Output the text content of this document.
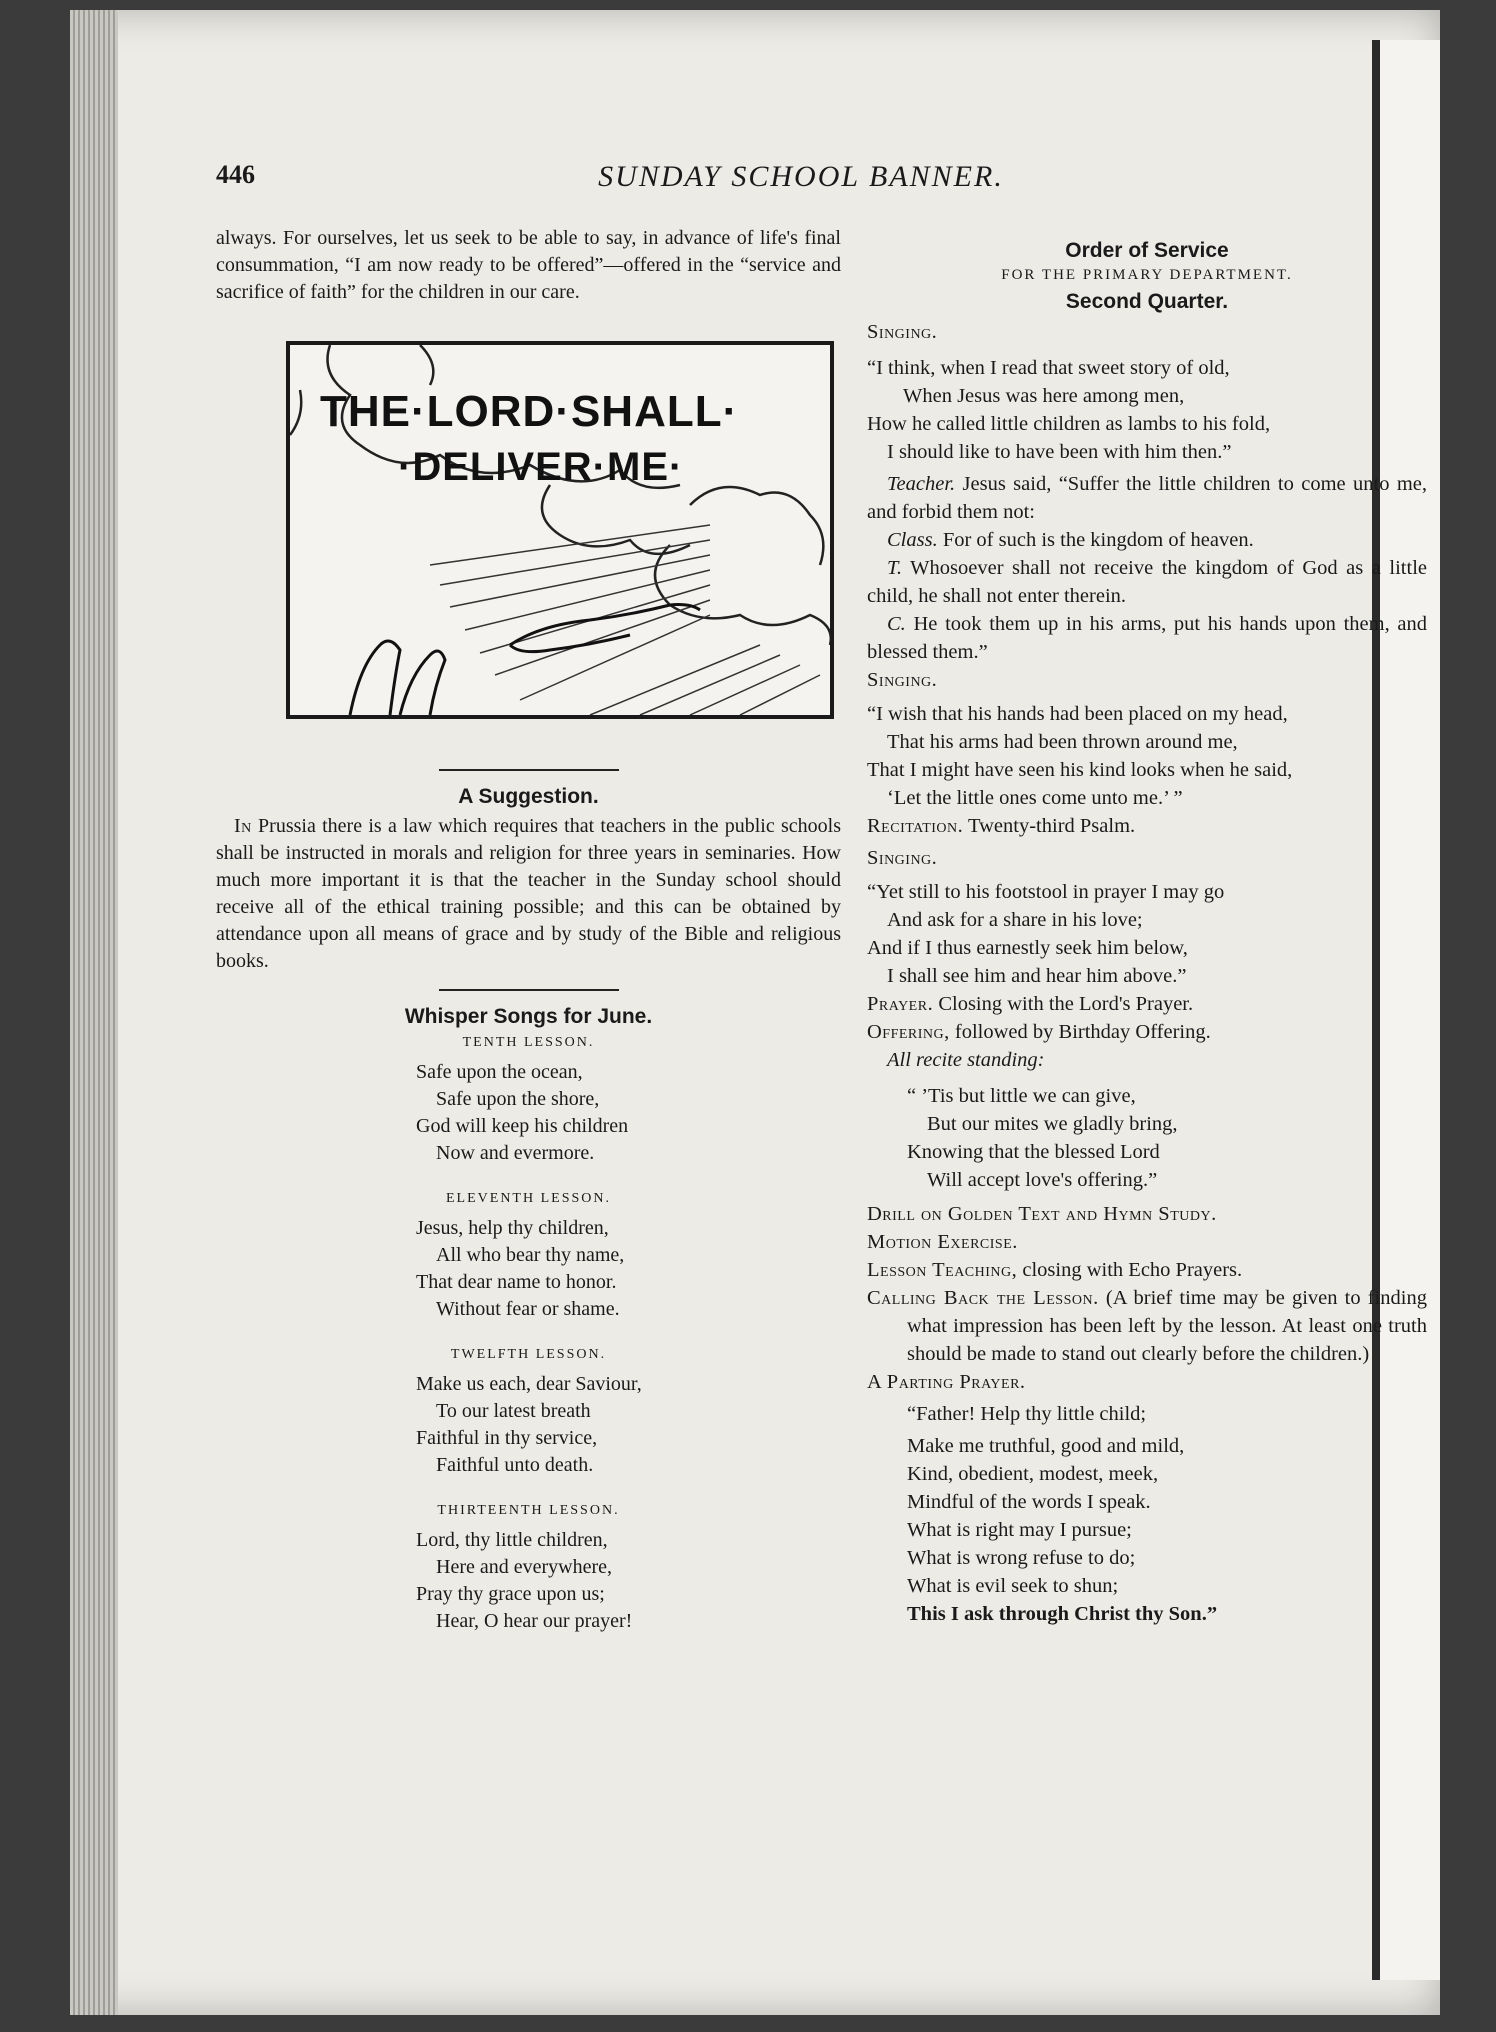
446	SUNDAY SCHOOL BANNER.

always. For ourselves, let us seek to be able to say, in advance of life's final consummation, “I am now ready to be offered”—offered in the “service and sacrifice of faith” for the children in our care.

THE·LORD·SHALL·
·DELIVER·ME·
A Suggestion.

In Prussia there is a law which requires that teachers in the public schools shall be instructed in morals and religion for three years in seminaries. How much more important it is that the teacher in the Sunday school should receive all of the ethical training possible; and this can be obtained by attendance upon all means of grace and by study of the Bible and religious books.

Whisper Songs for June.
TENTH LESSON.
Safe upon the ocean,
Safe upon the shore,
God will keep his children
Now and evermore.
ELEVENTH LESSON.
Jesus, help thy children,
All who bear thy name,
That dear name to honor.
Without fear or shame.
TWELFTH LESSON.
Make us each, dear Saviour,
To our latest breath
Faithful in thy service,
Faithful unto death.
THIRTEENTH LESSON.
Lord, thy little children,
Here and everywhere,
Pray thy grace upon us;
Hear, O hear our prayer!
Order of Service
FOR THE PRIMARY DEPARTMENT.
Second Quarter.

Singing.

“I think, when I read that sweet story of old,
When Jesus was here among men,
How he called little children as lambs to his fold,
I should like to have been with him then.”

Teacher. Jesus said, “Suffer the little children to come unto me, and forbid them not:

Class. For of such is the kingdom of heaven.

T. Whosoever shall not receive the kingdom of God as a little child, he shall not enter therein.

C. He took them up in his arms, put his hands upon them, and blessed them.”

Singing.

“I wish that his hands had been placed on my head,
That his arms had been thrown around me,
That I might have seen his kind looks when he said,
‘Let the little ones come unto me.’ ”

Recitation. Twenty-third Psalm.

Singing.

“Yet still to his footstool in prayer I may go
And ask for a share in his love;
And if I thus earnestly seek him below,
I shall see him and hear him above.”

Prayer. Closing with the Lord's Prayer.

Offering, followed by Birthday Offering.

All recite standing:

“ ’Tis but little we can give,
But our mites we gladly bring,
Knowing that the blessed Lord
Will accept love's offering.”

Drill on Golden Text and Hymn Study.

Motion Exercise.

Lesson Teaching, closing with Echo Prayers.

Calling Back the Lesson. (A brief time may be given to finding what impression has been left by the lesson. At least one truth should be made to stand out clearly before the children.)

A Parting Prayer.

“Father! Help thy little child;
Make me truthful, good and mild,
Kind, obedient, modest, meek,
Mindful of the words I speak.
What is right may I pursue;
What is wrong refuse to do;
What is evil seek to shun;
This I ask through Christ thy Son.”
